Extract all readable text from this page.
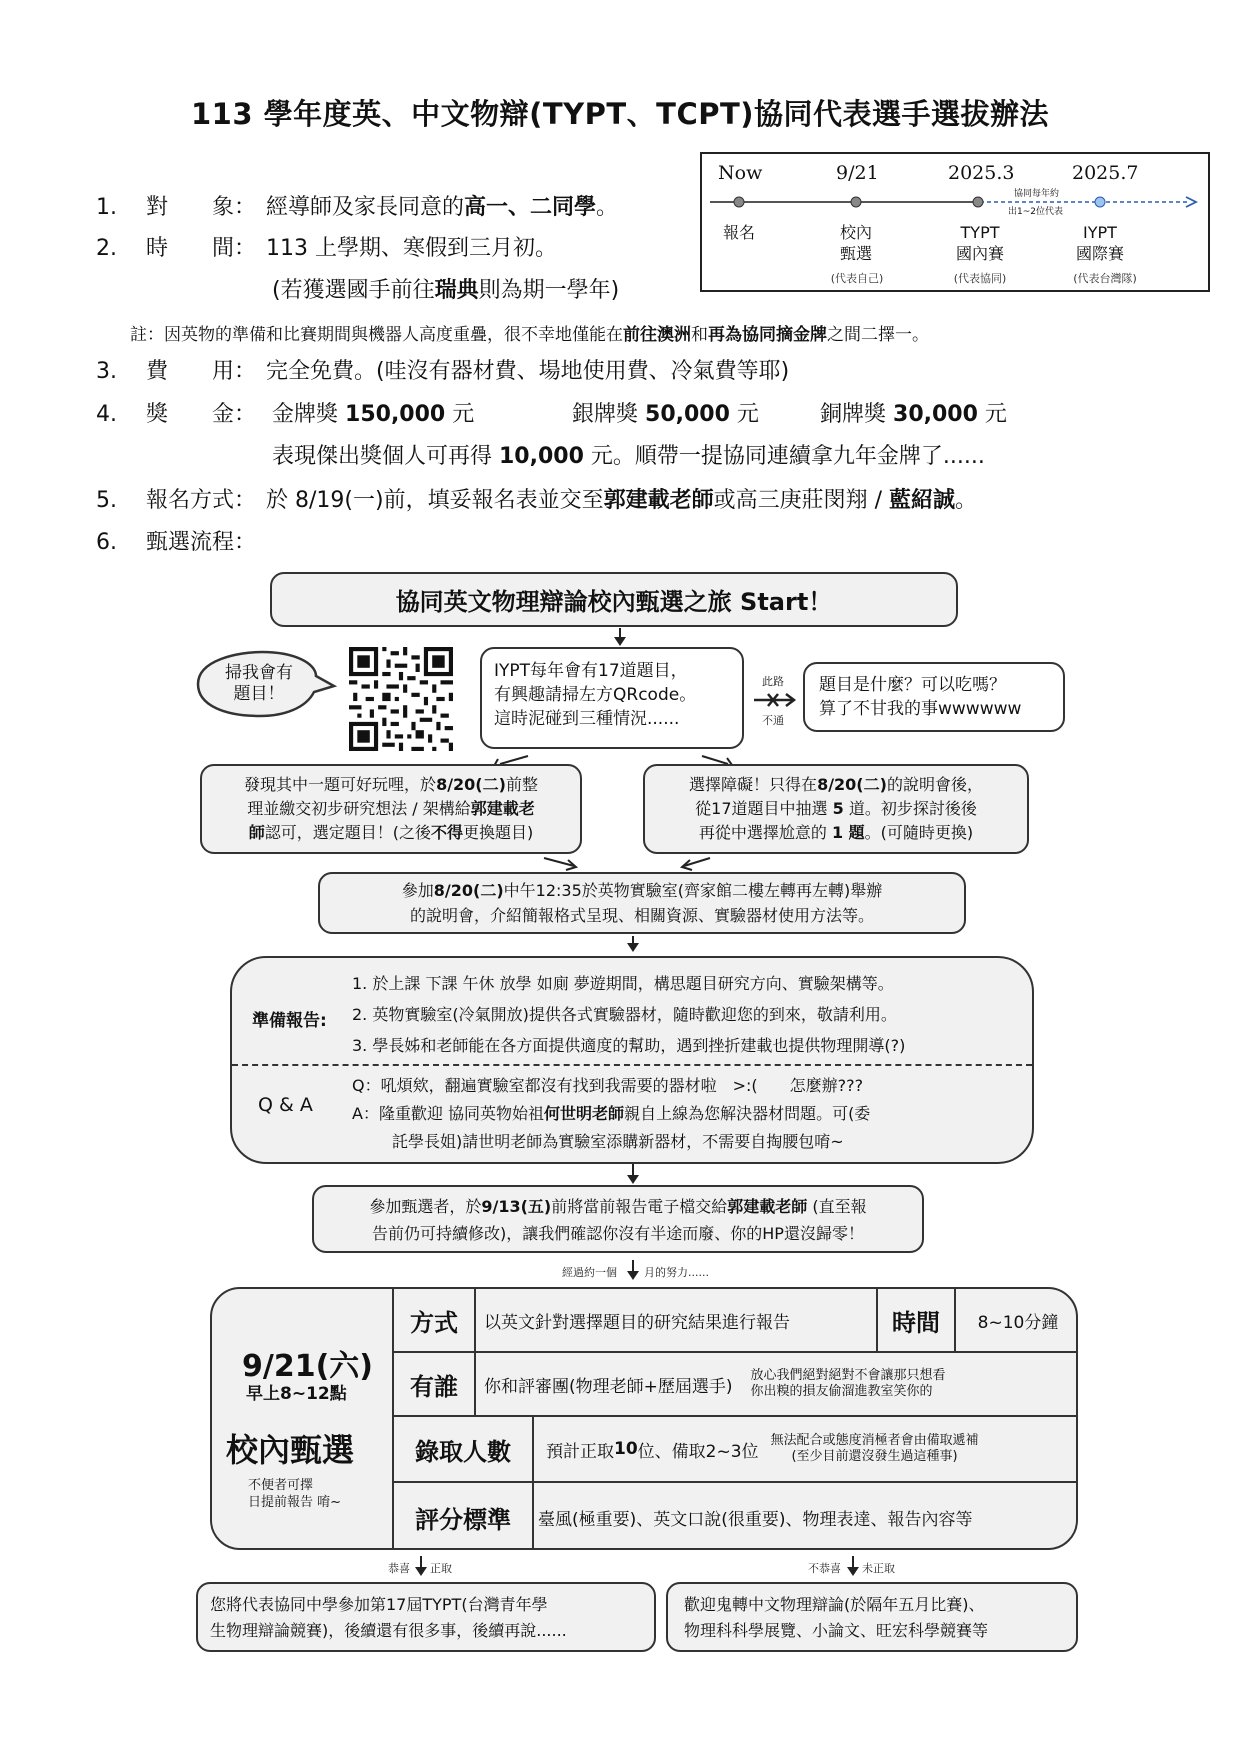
113 學年度英、中文物辯(TYPT、TCPT)協同代表選手選拔辦法
Now	9/21	2025.3	2025.7
協同每年約
出1~2位代表
報名	校內
甄選
TYPT
國內賽
IYPT
國際賽
(代表自己)	(代表協同)	(代表台灣隊)
1. 對　　象： 經導師及家長同意的高一、二同學。
2. 時　　間： 113 上學期、寒假到三月初。
(若獲選國手前往瑞典則為期一學年)
註：因英物的準備和比賽期間與機器人高度重疊，很不幸地僅能在前往澳洲和再為協同摘金牌之間二擇一。
3. 費　　用： 完全免費。(哇沒有器材費、場地使用費、冷氣費等耶)
4. 獎　　金： 金牌獎 150,000 元	銀牌獎 50,000 元	銅牌獎 30,000 元
表現傑出獎個人可再得 10,000 元。順帶一提協同連續拿九年金牌了......
5. 報名方式： 於 8/19(一)前，填妥報名表並交至郭建載老師或高三庚莊閔翔 / 藍紹誠。
6. 甄選流程：
協同英文物理辯論校內甄選之旅 Start！
掃我會有
題目！
IYPT每年會有17道題目，
有興趣請掃左方QRcode。
這時泥碰到三種情況......
此路
不通
題目是什麼？可以吃嗎？
算了不甘我的事wwwwww
發現其中一題可好玩哩，於8/20(二)前整
理並繳交初步研究想法 / 架構給郭建載老
師認可，選定題目！(之後不得更換題目)
選擇障礙！只得在8/20(二)的說明會後，
從17道題目中抽選 5 道。初步探討後後
再從中選擇尬意的 1 題。(可隨時更換)
參加8/20(二)中午12:35於英物實驗室(齊家館二樓左轉再左轉)舉辦
的說明會，介紹簡報格式呈現、相關資源、實驗器材使用方法等。
準備報告:
1. 於上課 下課 午休 放學 如廁 夢遊期間，構思題目研究方向、實驗架構等。
2. 英物實驗室(冷氣開放)提供各式實驗器材，隨時歡迎您的到來，敬請利用。
3. 學長姊和老師能在各方面提供適度的幫助，遇到挫折建載也提供物理開導(?)
Q & A
Q：吼煩欸，翻遍實驗室都沒有找到我需要的器材啦　>:(　　怎麼辦???
A：隆重歡迎 協同英物始祖何世明老師親自上線為您解決器材問題。可(委
託學長姐)請世明老師為實驗室添購新器材，不需要自掏腰包唷~
參加甄選者，於9/13(五)前將當前報告電子檔交給郭建載老師 (直至報
告前仍可持續修改)，讓我們確認你沒有半途而廢、你的HP還沒歸零！
經過約一個 月的努力......
9/21(六)
早上8~12點
校內甄選
不便者可擇
日提前報告 唷~
方式	以英文針對選擇題目的研究結果進行報告	時間	8~10分鐘
有誰	你和評審團(物理老師+歷屆選手)
放心我們絕對絕對不會讓那只想看
你出糗的損友偷溜進教室笑你的
錄取人數	預計正取 10 位、備取2~3位
無法配合或態度消極者會由備取遞補
(至少目前還沒發生過這種事)
評分標準	臺風(極重要)、英文口說(很重要)、物理表達、報告內容等
恭喜 正取	不恭喜 未正取
您將代表協同中學參加第17屆TYPT(台灣青年學
生物理辯論競賽)，後續還有很多事，後續再說......
歡迎鬼轉中文物理辯論(於隔年五月比賽)、
物理科科學展覽、小論文、旺宏科學競賽等
